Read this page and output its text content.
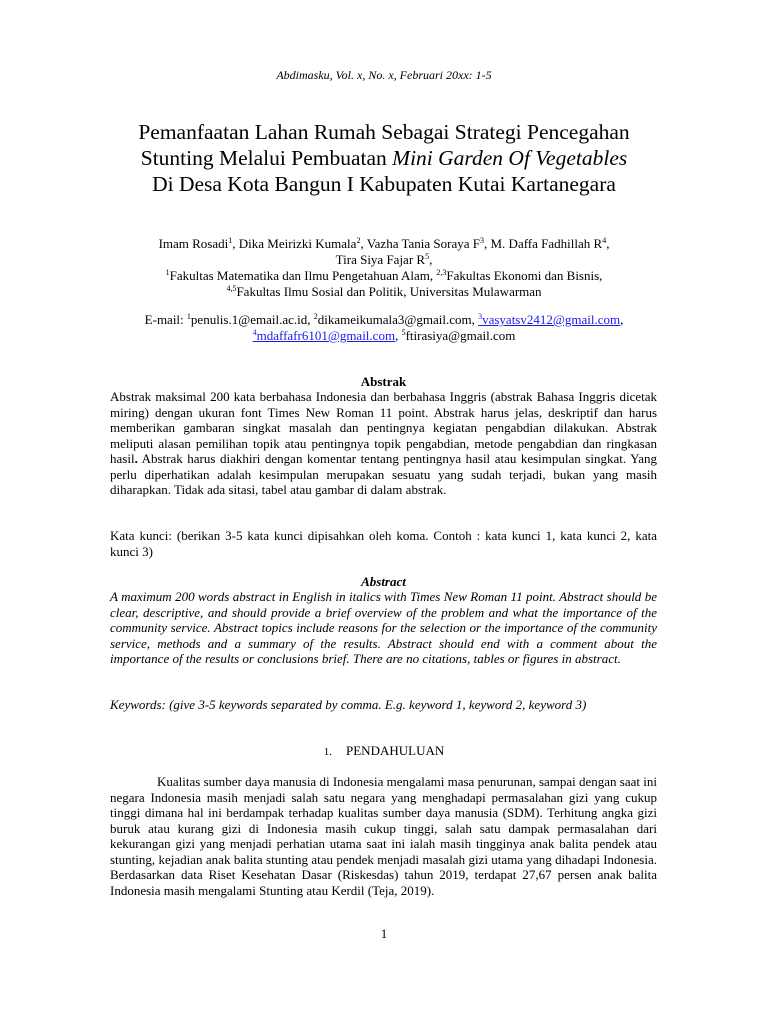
Abdimasku, Vol. x, No. x, Februari 20xx: 1-5
Pemanfaatan Lahan Rumah Sebagai Strategi Pencegahan
Stunting Melalui Pembuatan Mini Garden Of Vegetables
Di Desa Kota Bangun I Kabupaten Kutai Kartanegara
Imam Rosadi$^1$, Dika Meirizki Kumala$^2$, Vazha Tania Soraya $F^3$, M. Daffa Fadhillah $R^4$,
Tira Siya Fajar $R^5$,
$^1$Fakultas Matematika dan Ilmu Pengetahuan Alam, $^{2,3}$Fakultas Ekonomi dan Bisnis,
$^{4,5}$Fakultas Ilmu Sosial dan Politik, Universitas Mulawarman
E-mail: $^1$penulis.1@email.ac.id, $^2$dikameikumala3@gmail.com, $^3$vasyatsv2412@gmail.com,
$^4$mdaffafr6101@gmail.com, $^5$ftirasiya@gmail.com
Abstrak
Abstrak maksimal 200 kata berbahasa Indonesia dan berbahasa Inggris (abstrak Bahasa Inggris dicetak miring) dengan ukuran font Times New Roman 11 point. Abstrak harus jelas, deskriptif dan harus memberikan gambaran singkat masalah dan pentingnya kegiatan pengabdian dilakukan. Abstrak meliputi alasan pemilihan topik atau pentingnya topik pengabdian, metode pengabdian dan ringkasan hasil. Abstrak harus diakhiri dengan komentar tentang pentingnya hasil atau kesimpulan singkat. Yang perlu diperhatikan adalah kesimpulan merupakan sesuatu yang sudah terjadi, bukan yang masih diharapkan. Tidak ada sitasi, tabel atau gambar di dalam abstrak.
Kata kunci: (berikan 3-5 kata kunci dipisahkan oleh koma. Contoh : kata kunci 1, kata kunci 2, kata kunci 3)
Abstract
A maximum 200 words abstract in English in italics with Times New Roman 11 point. Abstract should be clear, descriptive, and should provide a brief overview of the problem and what the importance of the community service. Abstract topics include reasons for the selection or the importance of the community service, methods and a summary of the results. Abstract should end with a comment about the importance of the results or conclusions brief. There are no citations, tables or figures in abstract.
Keywords: (give 3-5 keywords separated by comma. E.g. keyword 1, keyword 2, keyword 3)
1. PENDAHULUAN
Kualitas sumber daya manusia di Indonesia mengalami masa penurunan, sampai dengan saat ini negara Indonesia masih menjadi salah satu negara yang menghadapi permasalahan gizi yang cukup tinggi dimana hal ini berdampak terhadap kualitas sumber daya manusia (SDM). Terhitung angka gizi buruk atau kurang gizi di Indonesia masih cukup tinggi, salah satu dampak permasalahan dari kekurangan gizi yang menjadi perhatian utama saat ini ialah masih tingginya anak balita pendek atau stunting, kejadian anak balita stunting atau pendek menjadi masalah gizi utama yang dihadapi Indonesia. Berdasarkan data Riset Kesehatan Dasar (Riskesdas) tahun 2019, terdapat 27,67 persen anak balita Indonesia masih mengalami Stunting atau Kerdil (Teja, 2019).
1
